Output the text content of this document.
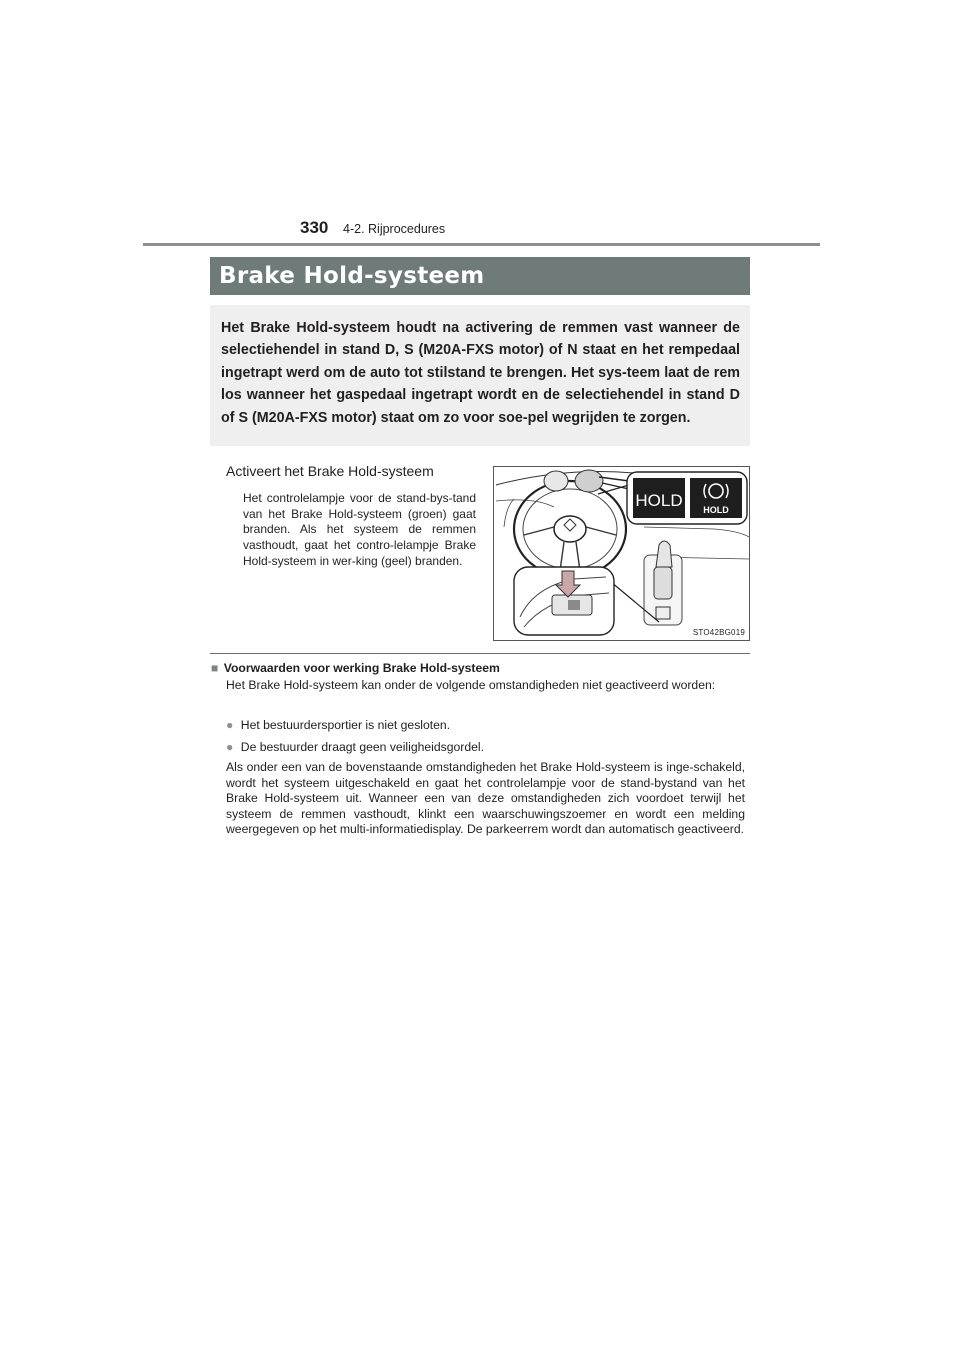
330 4-2. Rijprocedures
Brake Hold-systeem
Het Brake Hold-systeem houdt na activering de remmen vast wanneer de selectiehendel in stand D, S (M20A-FXS motor) of N staat en het rempedaal ingetrapt werd om de auto tot stilstand te brengen. Het sys-teem laat de rem los wanneer het gaspedaal ingetrapt wordt en de selectiehendel in stand D of S (M20A-FXS motor) staat om zo voor soe-pel wegrijden te zorgen.
Activeert het Brake Hold-systeem
Het controlelampje voor de stand-bys-tand van het Brake Hold-systeem (groen) gaat branden. Als het systeem de remmen vasthoudt, gaat het contro-lelampje Brake Hold-systeem in wer-king (geel) branden.
HOLD HOLD
STO42BG019
■ Voorwaarden voor werking Brake Hold-systeem
Het Brake Hold-systeem kan onder de volgende omstandigheden niet geactiveerd worden:
● Het bestuurdersportier is niet gesloten.
● De bestuurder draagt geen veiligheidsgordel.
Als onder een van de bovenstaande omstandigheden het Brake Hold-systeem is inge-schakeld, wordt het systeem uitgeschakeld en gaat het controlelampje voor de stand-bystand van het Brake Hold-systeem uit. Wanneer een van deze omstandigheden zich voordoet terwijl het systeem de remmen vasthoudt, klinkt een waarschuwingszoemer en wordt een melding weergegeven op het multi-informatiedisplay. De parkeerrem wordt dan automatisch geactiveerd.
